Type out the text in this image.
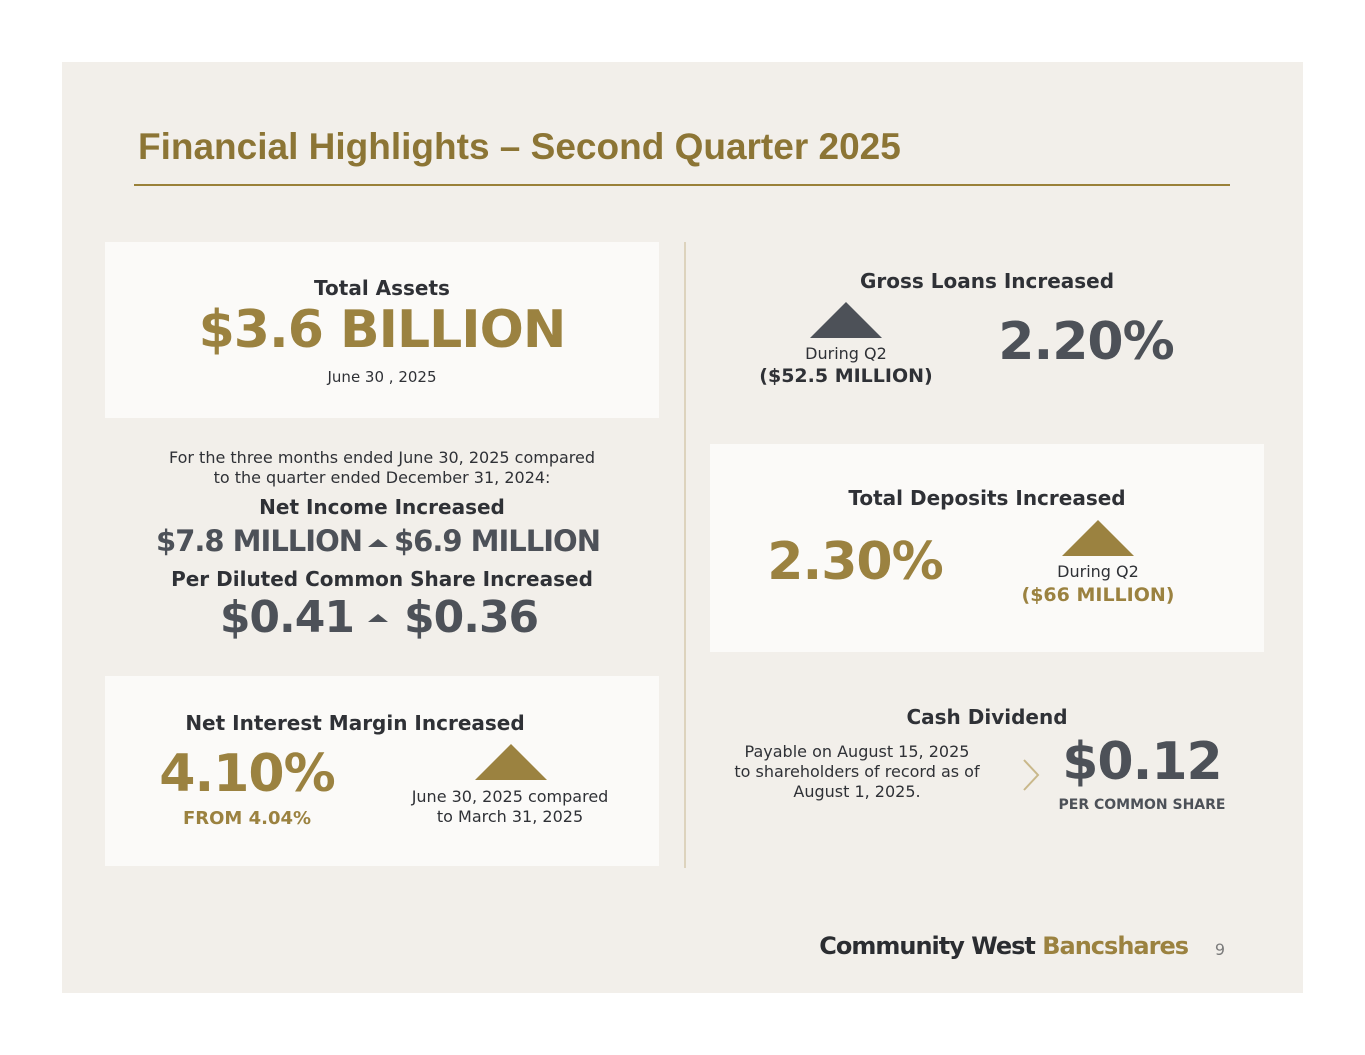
Financial Highlights – Second Quarter 2025
Total Assets
$3.6 BILLION
June 30 , 2025
For the three months ended June 30, 2025 compared
to the quarter ended December 31, 2024:
Net Income Increased
$7.8 MILLION $6.9 MILLION
Per Diluted Common Share Increased
$0.41 $0.36
Net Interest Margin Increased
4.10%
FROM 4.04%
June 30, 2025 compared
to March 31, 2025
Gross Loans Increased
During Q2
($52.5 MILLION)
2.20%
Total Deposits Increased
2.30%	During Q2
($66 MILLION)
Cash Dividend
Payable on August 15, 2025
to shareholders of record as of
August 1, 2025.	$0.12
PER COMMON SHARE
Community West Bancshares	9
